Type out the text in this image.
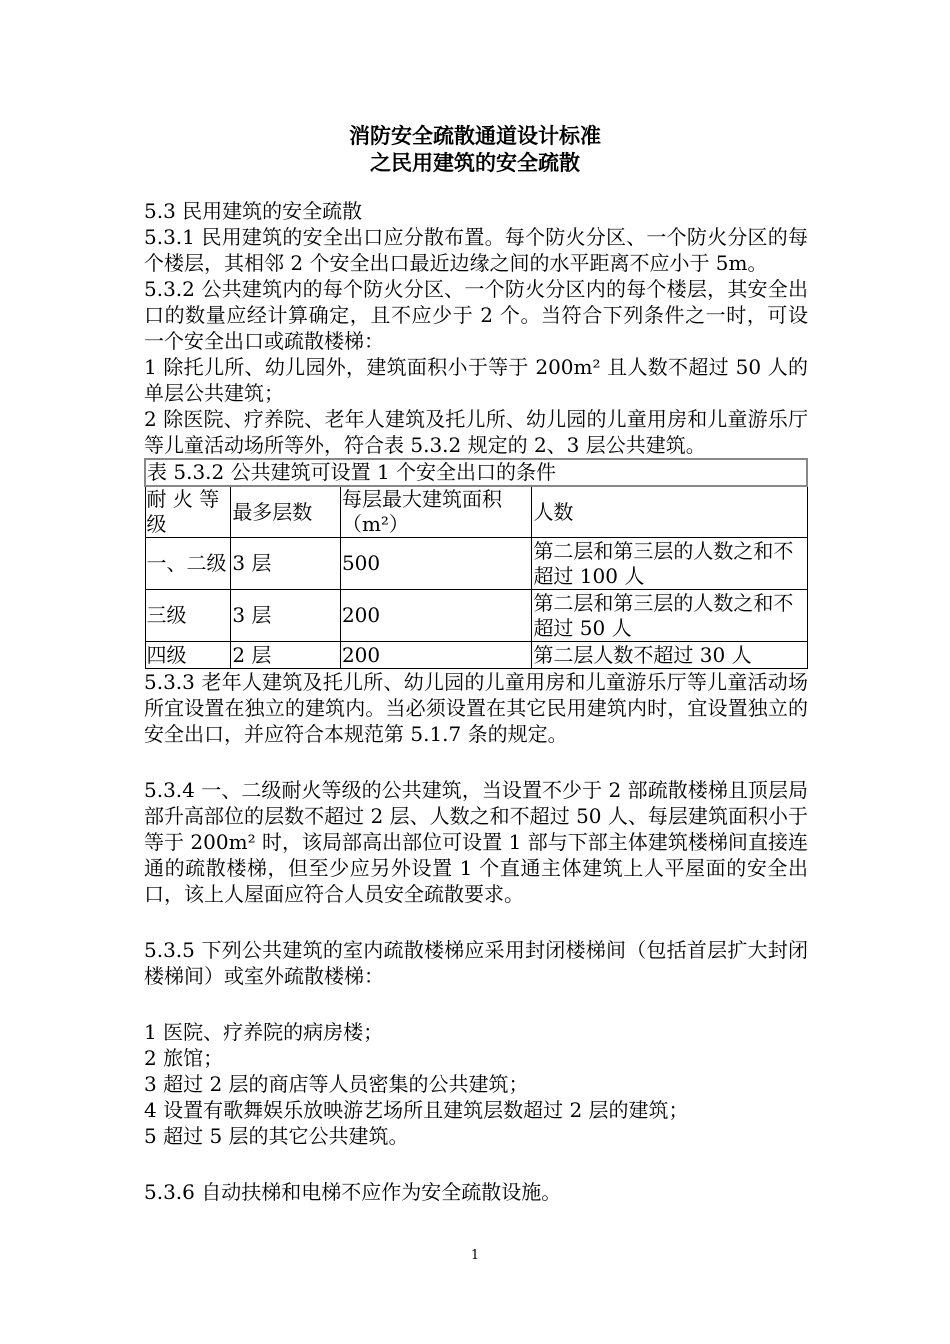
消防安全疏散通道设计标准
之民用建筑的安全疏散

5.3 民用建筑的安全疏散

5.3.1 民用建筑的安全出口应分散布置。每个防火分区、一个防火分区的每个楼层，其相邻 2 个安全出口最近边缘之间的水平距离不应小于 5m。

5.3.2 公共建筑内的每个防火分区、一个防火分区内的每个楼层，其安全出口的数量应经计算确定，且不应少于 2 个。当符合下列条件之一时，可设一个安全出口或疏散楼梯：

1 除托儿所、幼儿园外，建筑面积小于等于 200m² 且人数不超过 50 人的单层公共建筑；

2 除医院、疗养院、老年人建筑及托儿所、幼儿园的儿童用房和儿童游乐厅等儿童活动场所等外，符合表 5.3.2 规定的 2、3 层公共建筑。

表 5.3.2 公共建筑可设置 1 个安全出口的条件			
耐 火 等级	最多层数	每层最大建筑面积（m²）	人数
一、二级	3 层	500	第二层和第三层的人数之和不超过 100 人
三级	3 层	200	第二层和第三层的人数之和不超过 50 人
四级	2 层	200	第二层人数不超过 30 人

5.3.3 老年人建筑及托儿所、幼儿园的儿童用房和儿童游乐厅等儿童活动场所宜设置在独立的建筑内。当必须设置在其它民用建筑内时，宜设置独立的安全出口，并应符合本规范第 5.1.7 条的规定。

5.3.4 一、二级耐火等级的公共建筑，当设置不少于 2 部疏散楼梯且顶层局部升高部位的层数不超过 2 层、人数之和不超过 50 人、每层建筑面积小于等于 200m² 时，该局部高出部位可设置 1 部与下部主体建筑楼梯间直接连通的疏散楼梯，但至少应另外设置 1 个直通主体建筑上人平屋面的安全出口，该上人屋面应符合人员安全疏散要求。

5.3.5 下列公共建筑的室内疏散楼梯应采用封闭楼梯间（包括首层扩大封闭楼梯间）或室外疏散楼梯：

1 医院、疗养院的病房楼；

2 旅馆；

3 超过 2 层的商店等人员密集的公共建筑；

4 设置有歌舞娱乐放映游艺场所且建筑层数超过 2 层的建筑；

5 超过 5 层的其它公共建筑。

5.3.6 自动扶梯和电梯不应作为安全疏散设施。

1
